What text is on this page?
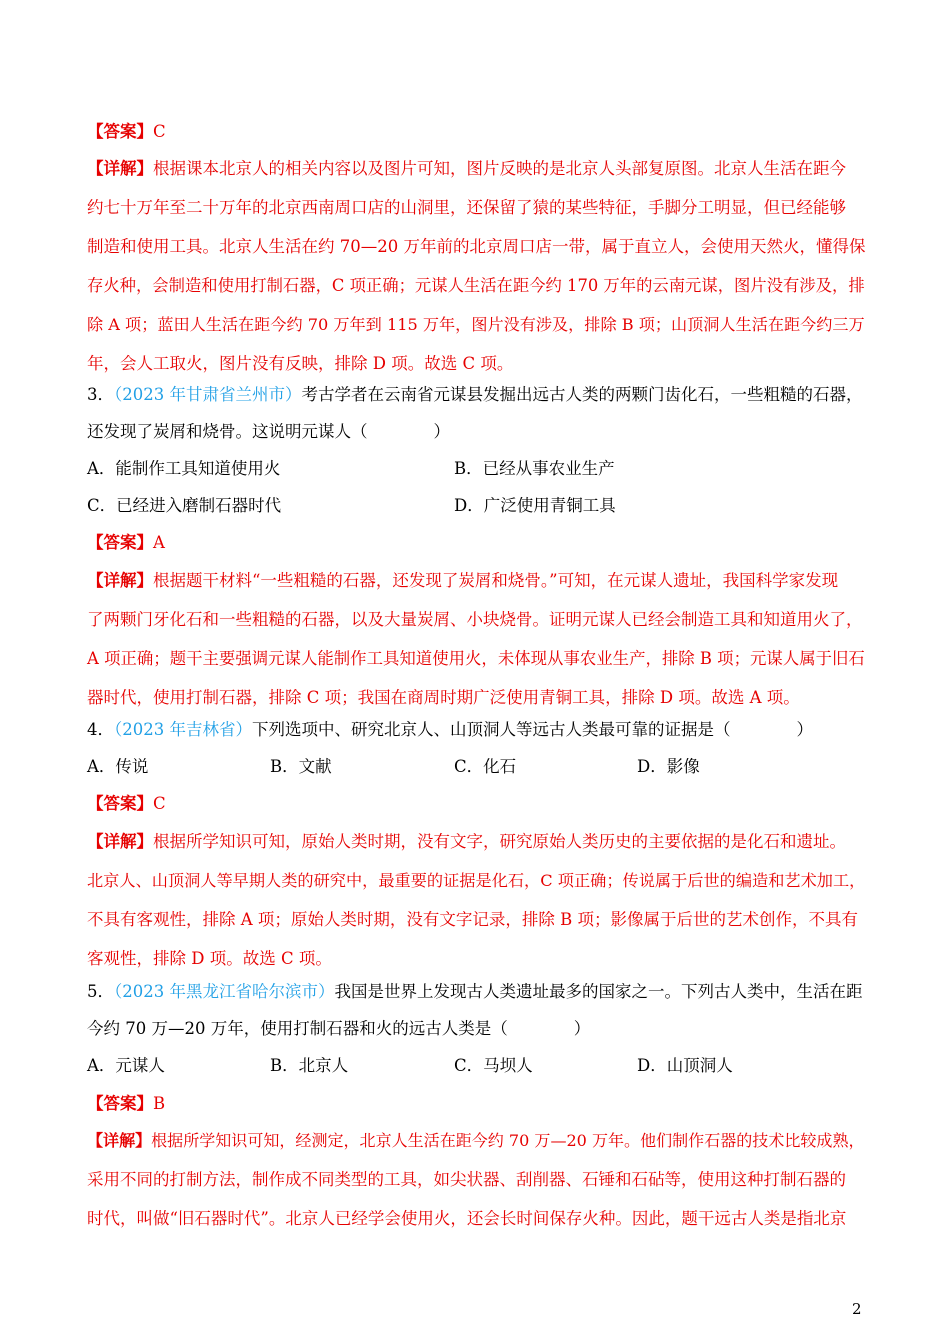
【答案】C
【详解】根据课本北京人的相关内容以及图片可知，图片反映的是北京人头部复原图。北京人生活在距今
约七十万年至二十万年的北京西南周口店的山洞里，还保留了猿的某些特征，手脚分工明显，但已经能够
制造和使用工具。北京人生活在约 70—20 万年前的北京周口店一带，属于直立人，会使用天然火，懂得保
存火种，会制造和使用打制石器，C 项正确；元谋人生活在距今约 170 万年的云南元谋，图片没有涉及，排
除 A 项；蓝田人生活在距今约 70 万年到 115 万年，图片没有涉及，排除 B 项；山顶洞人生活在距今约三万
年，会人工取火，图片没有反映，排除 D 项。故选 C 项。
3．（2023 年甘肃省兰州市）考古学者在云南省元谋县发掘出远古人类的两颗门齿化石，一些粗糙的石器，
还发现了炭屑和烧骨。这说明元谋人（　　　　）
A．能制作工具知道使用火	B．已经从事农业生产
C．已经进入磨制石器时代	D．广泛使用青铜工具
【答案】A
【详解】根据题干材料“一些粗糙的石器，还发现了炭屑和烧骨。”可知，在元谋人遗址，我国科学家发现
了两颗门牙化石和一些粗糙的石器，以及大量炭屑、小块烧骨。证明元谋人已经会制造工具和知道用火了，
A 项正确；题干主要强调元谋人能制作工具知道使用火，未体现从事农业生产，排除 B 项；元谋人属于旧石
器时代，使用打制石器，排除 C 项；我国在商周时期广泛使用青铜工具，排除 D 项。故选 A 项。
4．（2023 年吉林省）下列选项中、研究北京人、山顶洞人等远古人类最可靠的证据是（　　　　）
A．传说	B．文献	C．化石	D．影像
【答案】C
【详解】根据所学知识可知，原始人类时期，没有文字，研究原始人类历史的主要依据的是化石和遗址。
北京人、山顶洞人等早期人类的研究中，最重要的证据是化石，C 项正确；传说属于后世的编造和艺术加工，
不具有客观性，排除 A 项；原始人类时期，没有文字记录，排除 B 项；影像属于后世的艺术创作，不具有
客观性，排除 D 项。故选 C 项。
5．（2023 年黑龙江省哈尔滨市）我国是世界上发现古人类遗址最多的国家之一。下列古人类中，生活在距
今约 70 万—20 万年，使用打制石器和火的远古人类是（　　　　）
A．元谋人	B．北京人	C．马坝人	D．山顶洞人
【答案】B
【详解】根据所学知识可知，经测定，北京人生活在距今约 70 万—20 万年。他们制作石器的技术比较成熟，
采用不同的打制方法，制作成不同类型的工具，如尖状器、刮削器、石锤和石砧等，使用这种打制石器的
时代，叫做“旧石器时代”。北京人已经学会使用火，还会长时间保存火种。因此，题干远古人类是指北京
2
